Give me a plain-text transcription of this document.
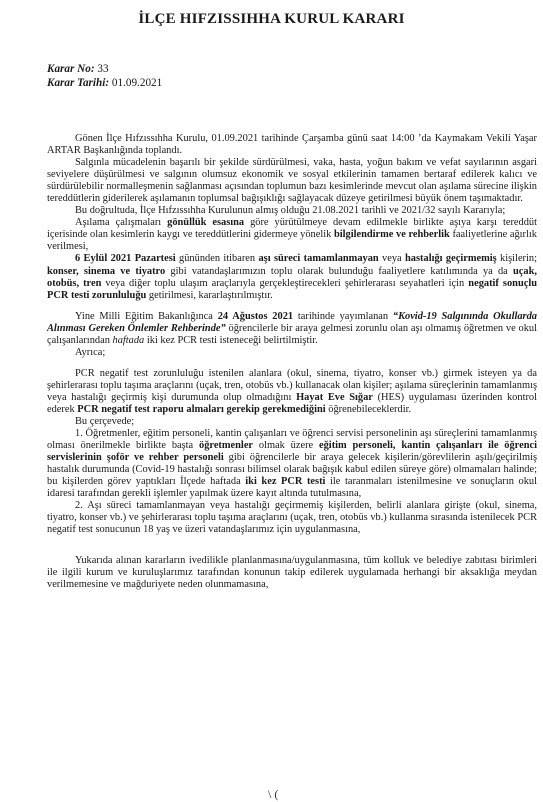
İLÇE HIFZISSIHHA KURUL KARARI
Karar No: 33
Karar Tarihi: 01.09.2021

Gönen İlçe Hıfzıssıhha Kurulu, 01.09.2021 tarihinde Çarşamba günü saat 14:00 ’da Kaymakam Vekili Yaşar ARTAR Başkanlığında toplandı.

Salgınla mücadelenin başarılı bir şekilde sürdürülmesi, vaka, hasta, yoğun bakım ve vefat sayılarının asgari seviyelere düşürülmesi ve salgının olumsuz ekonomik ve sosyal etkilerinin tamamen bertaraf edilerek kalıcı ve sürdürülebilir normalleşmenin sağlanması açısından toplumun bazı kesimlerinde mevcut olan aşılama sürecine ilişkin tereddütlerin giderilerek aşılamanın toplumsal bağışıklığı sağlayacak düzeye getirilmesi büyük önem taşımaktadır.

Bu doğrultuda, İlçe Hıfzıssıhha Kurulunun almış olduğu 21.08.2021 tarihli ve 2021/32 sayılı Kararıyla;

Aşılama çalışmaları gönüllük esasına göre yürütülmeye devam edilmekle birlikte aşıya karşı tereddüt içerisinde olan kesimlerin kaygı ve tereddütlerini gidermeye yönelik bilgilendirme ve rehberlik faaliyetlerine ağırlık verilmesi,

6 Eylül 2021 Pazartesi gününden itibaren aşı süreci tamamlanmayan veya hastalığı geçirmemiş kişilerin; konser, sinema ve tiyatro gibi vatandaşlarımızın toplu olarak bulunduğu faaliyetlere katılımında ya da uçak, otobüs, tren veya diğer toplu ulaşım araçlarıyla gerçekleştirecekleri şehirlerarası seyahatleri için negatif sonuçlu PCR testi zorunluluğu getirilmesi, kararlaştırılmıştır.

Yine Milli Eğitim Bakanlığınca 24 Ağustos 2021 tarihinde yayımlanan “Kovid-19 Salgınında Okullarda Alınması Gereken Önlemler Rehberinde” öğrencilerle bir araya gelmesi zorunlu olan aşı olmamış öğretmen ve okul çalışanlarından haftada iki kez PCR testi isteneceği belirtilmiştir.

Ayrıca;

PCR negatif test zorunluluğu istenilen alanlara (okul, sinema, tiyatro, konser vb.) girmek isteyen ya da şehirlerarası toplu taşıma araçlarını (uçak, tren, otobüs vb.) kullanacak olan kişiler; aşılama süreçlerinin tamamlanmış veya hastalığı geçirmiş kişi durumunda olup olmadığını Hayat Eve Sığar (HES) uygulaması üzerinden kontrol ederek PCR negatif test raporu almaları gerekip gerekmediğini öğrenebileceklerdir.

Bu çerçevede;

1. Öğretmenler, eğitim personeli, kantin çalışanları ve öğrenci servisi personelinin aşı süreçlerini tamamlanmış olması önerilmekle birlikte başta öğretmenler olmak üzere eğitim personeli, kantin çalışanları ile öğrenci servislerinin şoför ve rehber personeli gibi öğrencilerle bir araya gelecek kişilerin/görevlilerin aşılı/geçirilmiş hastalık durumunda (Covid-19 hastalığı sonrası bilimsel olarak bağışık kabul edilen süreye göre) olmamaları halinde; bu kişilerden görev yaptıkları İlçede haftada iki kez PCR testi ile taranmaları istenilmesine ve sonuçların okul idaresi tarafından gerekli işlemler yapılmak üzere kayıt altında tutulmasına,

2. Aşı süreci tamamlanmayan veya hastalığı geçirmemiş kişilerden, belirli alanlara girişte (okul, sinema, tiyatro, konser vb.) ve şehirlerarası toplu taşıma araçlarını (uçak, tren, otobüs vb.) kullanma sırasında istenilecek PCR negatif test sonucunun 18 yaş ve üzeri vatandaşlarımız için uygulanmasına,

Yukarıda alınan kararların ivedilikle planlanmasına/uygulanmasına, tüm kolluk ve belediye zabıtası birimleri ile ilgili kurum ve kuruluşlarımız tarafından konunun takip edilerek uygulamada herhangi bir aksaklığa meydan verilmemesine ve mağduriyete neden olunmamasına,

\ (
